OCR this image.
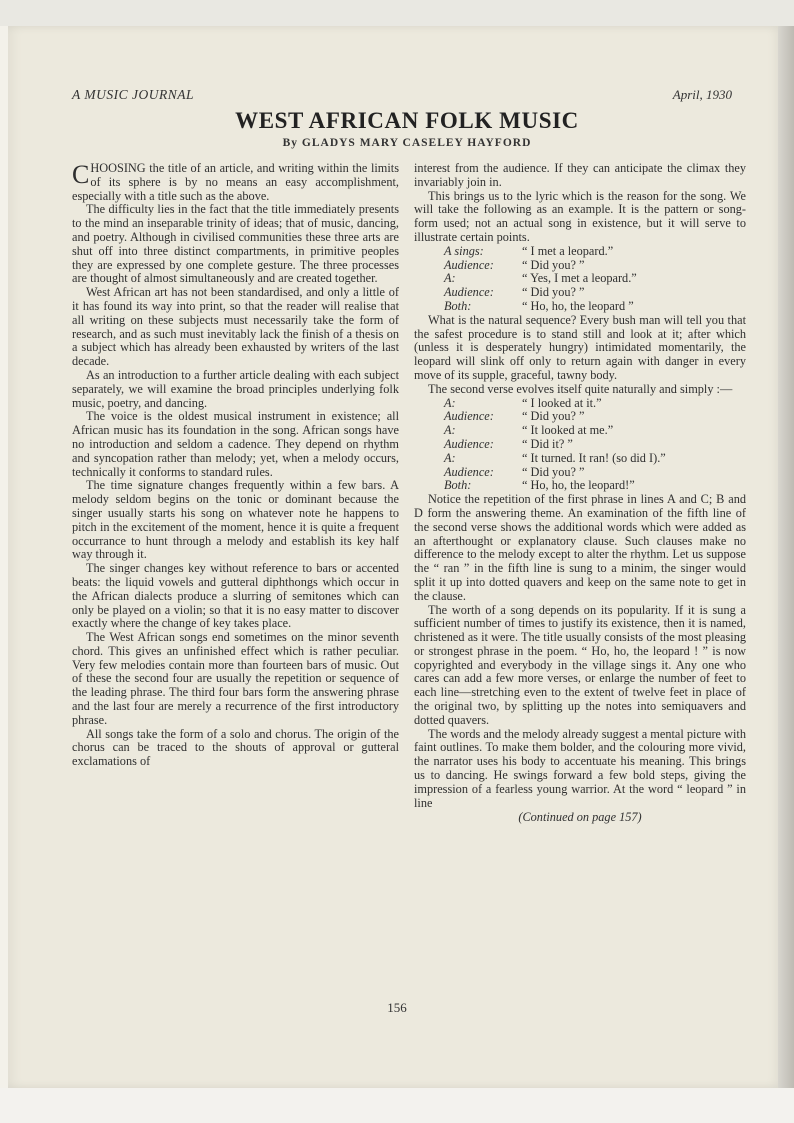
A MUSIC JOURNAL	April, 1930
WEST AFRICAN FOLK MUSIC
By GLADYS MARY CASELEY HAYFORD

CHOOSING the title of an article, and writing within the limits of its sphere is by no means an easy accomplishment, especially with a title such as the above.

The difficulty lies in the fact that the title immediately presents to the mind an inseparable trinity of ideas; that of music, dancing, and poetry. Although in civilised communities these three arts are shut off into three distinct compartments, in primitive peoples they are expressed by one complete gesture. The three processes are thought of almost simultaneously and are created together.

West African art has not been standardised, and only a little of it has found its way into print, so that the reader will realise that all writing on these subjects must necessarily take the form of research, and as such must inevitably lack the finish of a thesis on a subject which has already been exhausted by writers of the last decade.

As an introduction to a further article dealing with each subject separately, we will examine the broad principles underlying folk music, poetry, and dancing.

The voice is the oldest musical instrument in existence; all African music has its foundation in the song. African songs have no introduction and seldom a cadence. They depend on rhythm and syncopation rather than melody; yet, when a melody occurs, technically it conforms to standard rules.

The time signature changes frequently within a few bars. A melody seldom begins on the tonic or dominant because the singer usually starts his song on whatever note he happens to pitch in the excitement of the moment, hence it is quite a frequent occurrance to hunt through a melody and establish its key half way through it.

The singer changes key without reference to bars or accented beats: the liquid vowels and gutteral diphthongs which occur in the African dialects produce a slurring of semitones which can only be played on a violin; so that it is no easy matter to discover exactly where the change of key takes place.

The West African songs end sometimes on the minor seventh chord. This gives an unfinished effect which is rather peculiar. Very few melodies contain more than fourteen bars of music. Out of these the second four are usually the repetition or sequence of the leading phrase. The third four bars form the answering phrase and the last four are merely a recurrence of the first introductory phrase.

All songs take the form of a solo and chorus. The origin of the chorus can be traced to the shouts of approval or gutteral exclamations of

interest from the audience. If they can anticipate the climax they invariably join in.

This brings us to the lyric which is the reason for the song. We will take the following as an example. It is the pattern or song-form used; not an actual song in existence, but it will serve to illustrate certain points.

A sings:	“ I met a leopard.”
Audience:	“ Did you? ”
A:	“ Yes, I met a leopard.”
Audience:	“ Did you? ”
Both:	“ Ho, ho, the leopard ”

What is the natural sequence? Every bush man will tell you that the safest procedure is to stand still and look at it; after which (unless it is desperately hungry) intimidated momentarily, the leopard will slink off only to return again with danger in every move of its supple, graceful, tawny body.

The second verse evolves itself quite naturally and simply :—

A:	“ I looked at it.”
Audience:	“ Did you? ”
A:	“ It looked at me.”
Audience:	“ Did it? ”
A:	“ It turned. It ran! (so did I).”
Audience:	“ Did you? ”
Both:	“ Ho, ho, the leopard!”

Notice the repetition of the first phrase in lines A and C; B and D form the answering theme. An examination of the fifth line of the second verse shows the additional words which were added as an afterthought or explanatory clause. Such clauses make no difference to the melody except to alter the rhythm. Let us suppose the “ ran ” in the fifth line is sung to a minim, the singer would split it up into dotted quavers and keep on the same note to get in the clause.

The worth of a song depends on its popularity. If it is sung a sufficient number of times to justify its existence, then it is named, christened as it were. The title usually consists of the most pleasing or strongest phrase in the poem. “ Ho, ho, the leopard ! ” is now copyrighted and everybody in the village sings it. Any one who cares can add a few more verses, or enlarge the number of feet to each line—stretching even to the extent of twelve feet in place of the original two, by splitting up the notes into semiquavers and dotted quavers.

The words and the melody already suggest a mental picture with faint outlines. To make them bolder, and the colouring more vivid, the narrator uses his body to accentuate his meaning. This brings us to dancing. He swings forward a few bold steps, giving the impression of a fearless young warrior. At the word “ leopard ” in line

(Continued on page 157)
156
